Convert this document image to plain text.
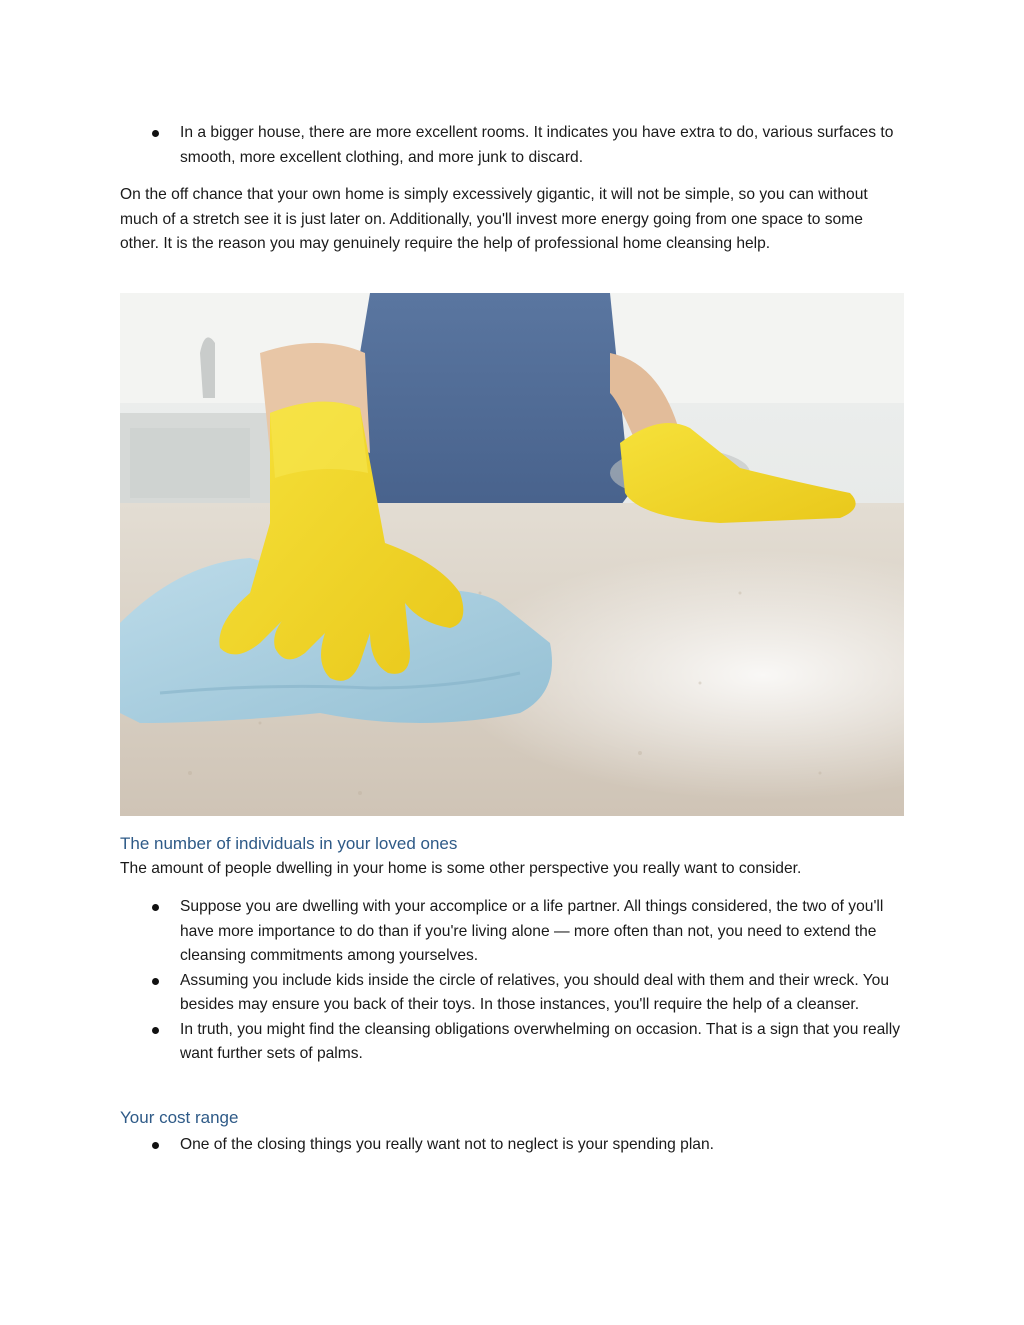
In a bigger house, there are more excellent rooms. It indicates you have extra to do, various surfaces to smooth, more excellent clothing, and more junk to discard.

On the off chance that your own home is simply excessively gigantic, it will not be simple, so you can without much of a stretch see it is just later on. Additionally, you'll invest more energy going from one space to some other. It is the reason you may genuinely require the help of professional home cleansing help.

The number of individuals in your loved ones

The amount of people dwelling in your home is some other perspective you really want to consider.

Suppose you are dwelling with your accomplice or a life partner. All things considered, the two of you'll have more importance to do than if you're living alone — more often than not, you need to extend the cleansing commitments among yourselves.
Assuming you include kids inside the circle of relatives, you should deal with them and their wreck. You besides may ensure you back of their toys. In those instances, you'll require the help of a cleanser.
In truth, you might find the cleansing obligations overwhelming on occasion. That is a sign that you really want further sets of palms.
Your cost range
One of the closing things you really want not to neglect is your spending plan.
